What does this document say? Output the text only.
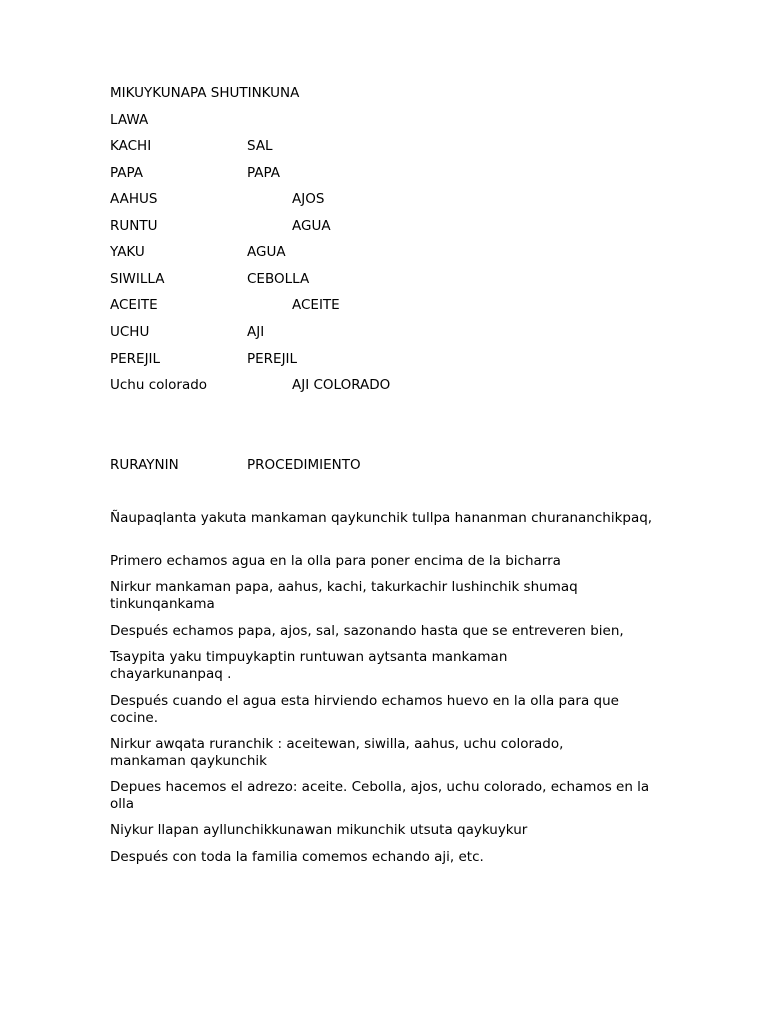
MIKUYKUNAPA SHUTINKUNA
LAWA
KACHI	SAL
PAPA	PAPA
AAHUS	AJOS
RUNTU	AGUA
YAKU	AGUA
SIWILLA	CEBOLLA
ACEITE	ACEITE
UCHU	AJI
PEREJIL	PEREJIL
Uchu colorado	AJI COLORADO
RURAYNIN	PROCEDIMIENTO
Ñaupaqlanta yakuta mankaman qaykunchik tullpa hananman churananchikpaq,
Primero echamos agua en la olla para poner encima de la bicharra
Nirkur mankaman papa, aahus, kachi, takurkachir lushinchik shumaq tinkunqankama
Después echamos papa, ajos, sal, sazonando hasta que se entreveren bien,
Tsaypita yaku timpuykaptin runtuwan aytsanta mankaman chayarkunanpaq .
Después cuando el agua esta hirviendo echamos huevo en la olla para que cocine.
Nirkur awqata ruranchik : aceitewan, siwilla, aahus, uchu colorado, mankaman qaykunchik
Depues hacemos el adrezo: aceite. Cebolla, ajos, uchu colorado, echamos en la olla
Niykur llapan ayllunchikkunawan mikunchik utsuta qaykuykur
Después con toda la familia comemos echando aji, etc.
